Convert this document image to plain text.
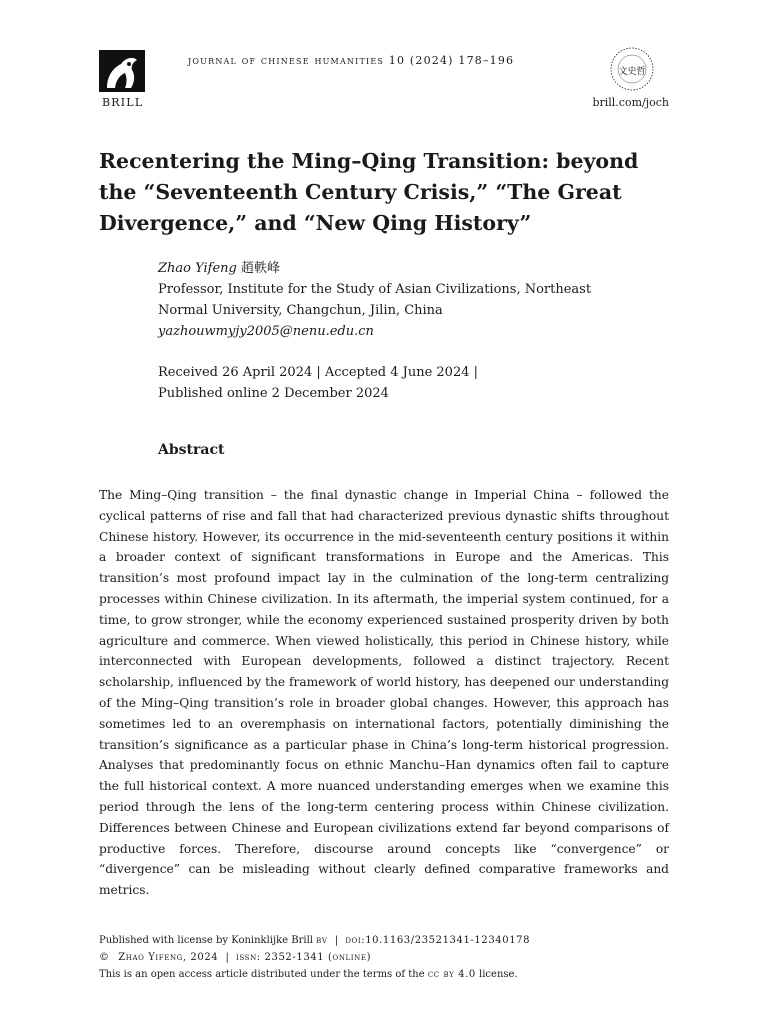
BRILL
journal of chinese humanities 10 (2024) 178–196
文史哲
brill.com/joch
Recentering the Ming–Qing Transition: beyond the “Seventeenth Century Crisis,” “The Great Divergence,” and “New Qing History”
Zhao Yifeng 趙軼峰
Professor, Institute for the Study of Asian Civilizations, Northeast
Normal University, Changchun, Jilin, China
yazhouwmyjy2005@nenu.edu.cn
Received 26 April 2024 | Accepted 4 June 2024 |
Published online 2 December 2024
Abstract

The Ming–Qing transition – the final dynastic change in Imperial China – followed the cyclical patterns of rise and fall that had characterized previous dynastic shifts throughout Chinese history. However, its occurrence in the mid-seventeenth century positions it within a broader context of significant transformations in Europe and the Americas. This transition’s most profound impact lay in the culmination of the long-term centralizing processes within Chinese civilization. In its aftermath, the imperial system continued, for a time, to grow stronger, while the economy experienced sustained prosperity driven by both agriculture and commerce. When viewed holistically, this period in Chinese history, while interconnected with European developments, followed a distinct trajectory. Recent scholarship, influenced by the framework of world history, has deepened our understanding of the Ming–Qing transition’s role in broader global changes. However, this approach has sometimes led to an overemphasis on international factors, potentially diminishing the transition’s significance as a particular phase in China’s long-term historical progression. Analyses that predominantly focus on ethnic Manchu–Han dynamics often fail to capture the full historical context. A more nuanced understanding emerges when we examine this period through the lens of the long-term centering process within Chinese civilization. Differences between Chinese and European civilizations extend far beyond comparisons of productive forces. Therefore, discourse around concepts like “convergence” or “divergence” can be misleading without clearly defined comparative frameworks and metrics.

Published with license by Koninklijke Brill bv | doi:10.1163/23521341-12340178
© Zhao Yifeng, 2024 | issn: 2352-1341 (online)
This is an open access article distributed under the terms of the cc by 4.0 license.
